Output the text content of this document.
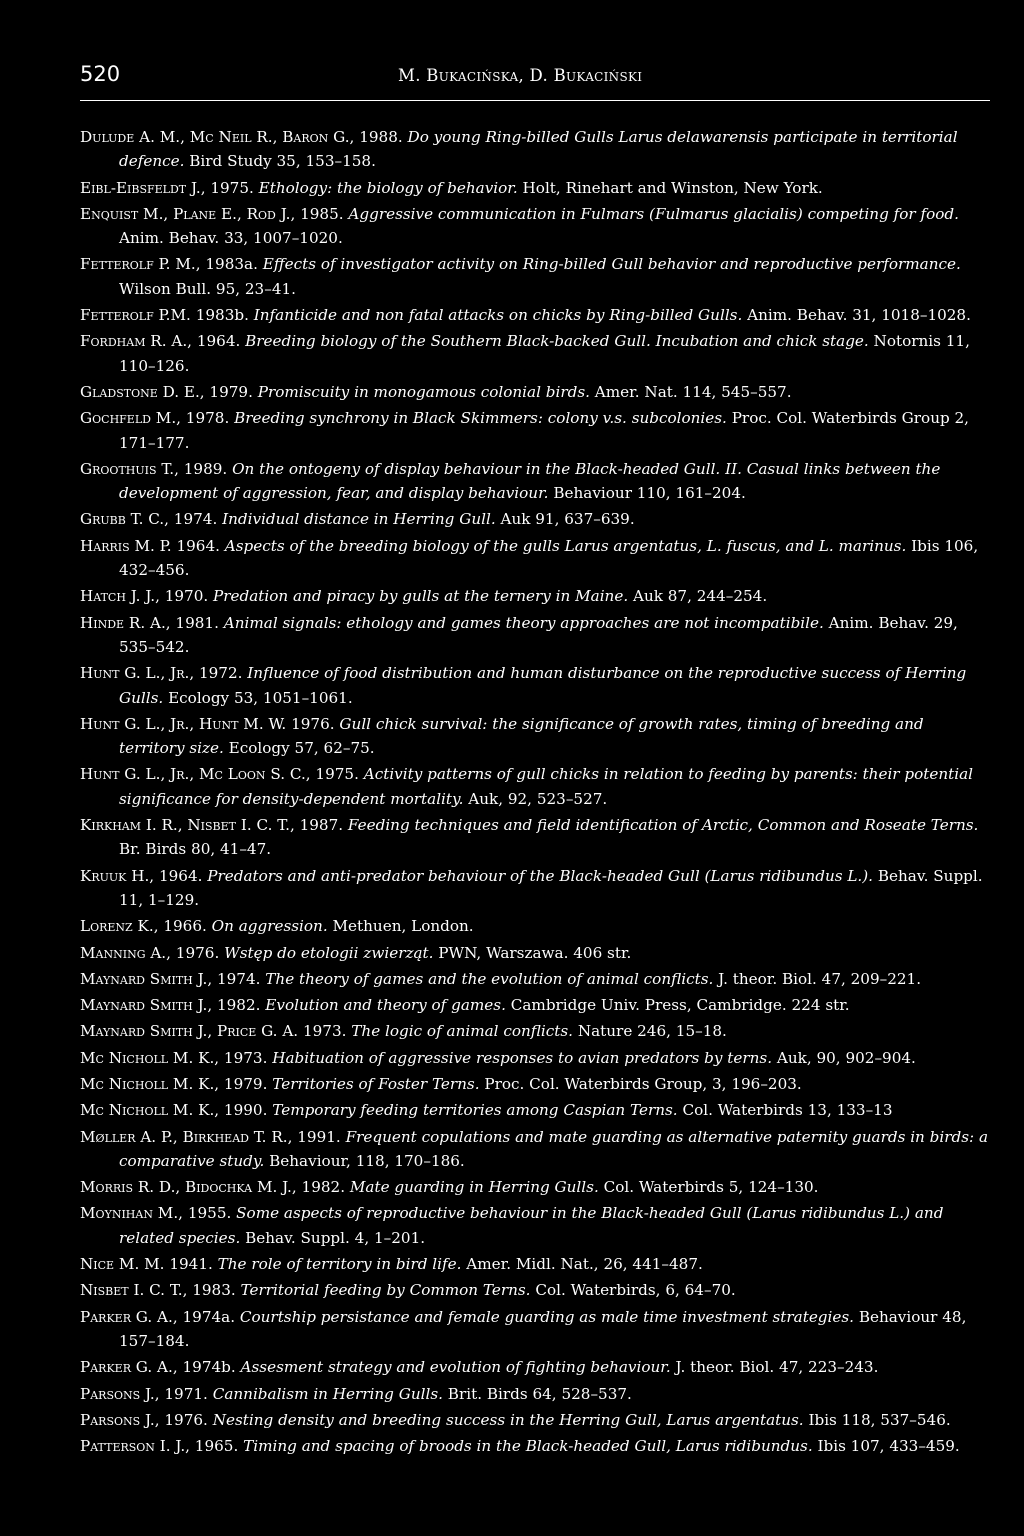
520	M. Bukacińska, D. Bukaciński

Dulude A. M., Mc Neil R., Baron G., 1988. Do young Ring-billed Gulls Larus delawarensis participate in territorial defence. Bird Study 35, 153–158.

Eibl-Eibsfeldt J., 1975. Ethology: the biology of behavior. Holt, Rinehart and Winston, New York.

Enquist M., Plane E., Rod J., 1985. Aggressive communication in Fulmars (Fulmarus glacialis) competing for food. Anim. Behav. 33, 1007–1020.

Fetterolf P. M., 1983a. Effects of investigator activity on Ring-billed Gull behavior and reproductive performance. Wilson Bull. 95, 23–41.

Fetterolf P.M. 1983b. Infanticide and non fatal attacks on chicks by Ring-billed Gulls. Anim. Behav. 31, 1018–1028.

Fordham R. A., 1964. Breeding biology of the Southern Black-backed Gull. Incubation and chick stage. Notornis 11, 110–126.

Gladstone D. E., 1979. Promiscuity in monogamous colonial birds. Amer. Nat. 114, 545–557.

Gochfeld M., 1978. Breeding synchrony in Black Skimmers: colony v.s. subcolonies. Proc. Col. Waterbirds Group 2, 171–177.

Groothuis T., 1989. On the ontogeny of display behaviour in the Black-headed Gull. II. Casual links between the development of aggression, fear, and display behaviour. Behaviour 110, 161–204.

Grubb T. C., 1974. Individual distance in Herring Gull. Auk 91, 637–639.

Harris M. P. 1964. Aspects of the breeding biology of the gulls Larus argentatus, L. fuscus, and L. marinus. Ibis 106, 432–456.

Hatch J. J., 1970. Predation and piracy by gulls at the ternery in Maine. Auk 87, 244–254.

Hinde R. A., 1981. Animal signals: ethology and games theory approaches are not incompatibile. Anim. Behav. 29, 535–542.

Hunt G. L., Jr., 1972. Influence of food distribution and human disturbance on the reproductive success of Herring Gulls. Ecology 53, 1051–1061.

Hunt G. L., Jr., Hunt M. W. 1976. Gull chick survival: the significance of growth rates, timing of breeding and territory size. Ecology 57, 62–75.

Hunt G. L., Jr., Mc Loon S. C., 1975. Activity patterns of gull chicks in relation to feeding by parents: their potential significance for density-dependent mortality. Auk, 92, 523–527.

Kirkham I. R., Nisbet I. C. T., 1987. Feeding techniques and field identification of Arctic, Common and Roseate Terns. Br. Birds 80, 41–47.

Kruuk H., 1964. Predators and anti-predator behaviour of the Black-headed Gull (Larus ridibundus L.). Behav. Suppl. 11, 1–129.

Lorenz K., 1966. On aggression. Methuen, London.

Manning A., 1976. Wstęp do etologii zwierząt. PWN, Warszawa. 406 str.

Maynard Smith J., 1974. The theory of games and the evolution of animal conflicts. J. theor. Biol. 47, 209–221.

Maynard Smith J., 1982. Evolution and theory of games. Cambridge Univ. Press, Cambridge. 224 str.

Maynard Smith J., Price G. A. 1973. The logic of animal conflicts. Nature 246, 15–18.

Mc Nicholl M. K., 1973. Habituation of aggressive responses to avian predators by terns. Auk, 90, 902–904.

Mc Nicholl M. K., 1979. Territories of Foster Terns. Proc. Col. Waterbirds Group, 3, 196–203.

Mc Nicholl M. K., 1990. Temporary feeding territories among Caspian Terns. Col. Waterbirds 13, 133–13

Møller A. P., Birkhead T. R., 1991. Frequent copulations and mate guarding as alternative paternity guards in birds: a comparative study. Behaviour, 118, 170–186.

Morris R. D., Bidochka M. J., 1982. Mate guarding in Herring Gulls. Col. Waterbirds 5, 124–130.

Moynihan M., 1955. Some aspects of reproductive behaviour in the Black-headed Gull (Larus ridibundus L.) and related species. Behav. Suppl. 4, 1–201.

Nice M. M. 1941. The role of territory in bird life. Amer. Midl. Nat., 26, 441–487.

Nisbet I. C. T., 1983. Territorial feeding by Common Terns. Col. Waterbirds, 6, 64–70.

Parker G. A., 1974a. Courtship persistance and female guarding as male time investment strategies. Behaviour 48, 157–184.

Parker G. A., 1974b. Assesment strategy and evolution of fighting behaviour. J. theor. Biol. 47, 223–243.

Parsons J., 1971. Cannibalism in Herring Gulls. Brit. Birds 64, 528–537.

Parsons J., 1976. Nesting density and breeding success in the Herring Gull, Larus argentatus. Ibis 118, 537–546.

Patterson I. J., 1965. Timing and spacing of broods in the Black-headed Gull, Larus ridibundus. Ibis 107, 433–459.
